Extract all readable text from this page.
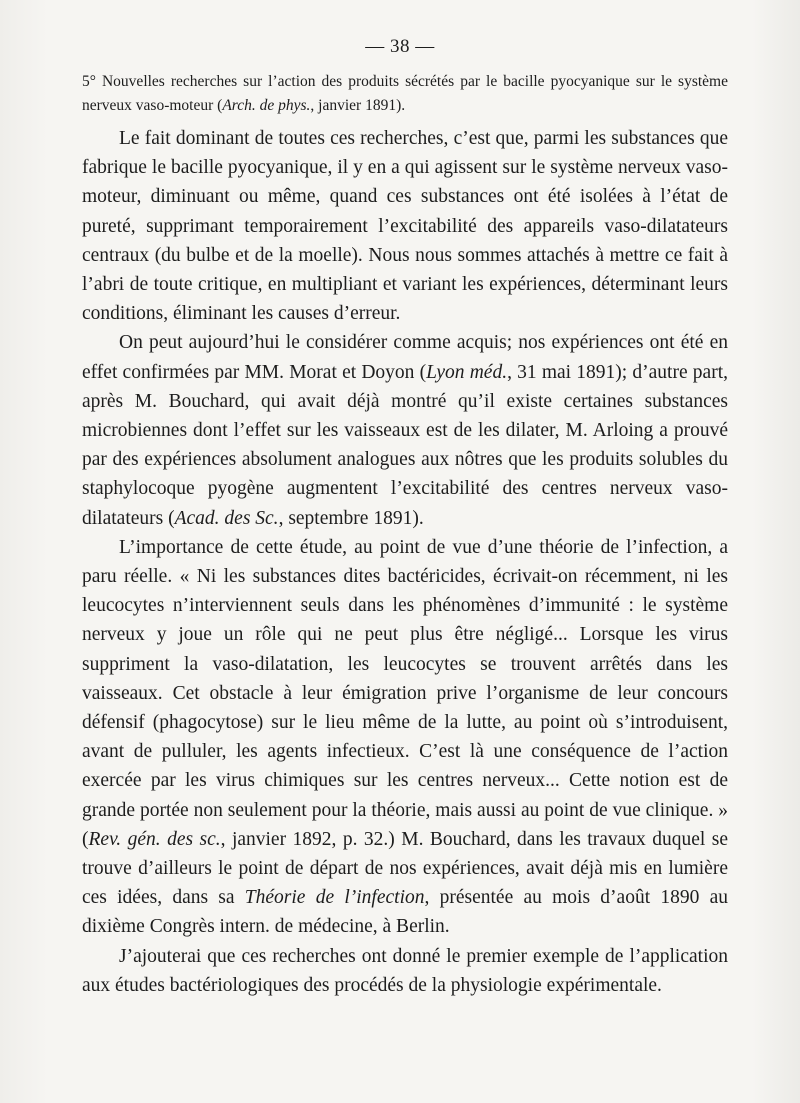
— 38 —
5° Nouvelles recherches sur l’action des produits sécrétés par le bacille pyocyanique sur le système nerveux vaso-moteur (Arch. de phys., janvier 1891).

Le fait dominant de toutes ces recherches, c’est que, parmi les substances que fabrique le bacille pyocyanique, il y en a qui agissent sur le système nerveux vaso-moteur, diminuant ou même, quand ces substances ont été isolées à l’état de pureté, supprimant temporairement l’excitabilité des appareils vaso-dilatateurs centraux (du bulbe et de la moelle). Nous nous sommes attachés à mettre ce fait à l’abri de toute critique, en multipliant et variant les expériences, déterminant leurs conditions, éliminant les causes d’erreur.

On peut aujourd’hui le considérer comme acquis; nos expériences ont été en effet confirmées par MM. Morat et Doyon (Lyon méd., 31 mai 1891); d’autre part, après M. Bouchard, qui avait déjà montré qu’il existe certaines substances microbiennes dont l’effet sur les vaisseaux est de les dilater, M. Arloing a prouvé par des expériences absolument analogues aux nôtres que les produits solubles du staphylocoque pyogène augmentent l’excitabilité des centres nerveux vaso-dilatateurs (Acad. des Sc., septembre 1891).

L’importance de cette étude, au point de vue d’une théorie de l’infection, a paru réelle. « Ni les substances dites bactéricides, écrivait-on récemment, ni les leucocytes n’interviennent seuls dans les phénomènes d’immunité : le système nerveux y joue un rôle qui ne peut plus être négligé... Lorsque les virus suppriment la vaso-dilatation, les leucocytes se trouvent arrêtés dans les vaisseaux. Cet obstacle à leur émigration prive l’organisme de leur concours défensif (phagocytose) sur le lieu même de la lutte, au point où s’introduisent, avant de pulluler, les agents infectieux. C’est là une conséquence de l’action exercée par les virus chimiques sur les centres nerveux... Cette notion est de grande portée non seulement pour la théorie, mais aussi au point de vue clinique. » (Rev. gén. des sc., janvier 1892, p. 32.) M. Bouchard, dans les travaux duquel se trouve d’ailleurs le point de départ de nos expériences, avait déjà mis en lumière ces idées, dans sa Théorie de l’infection, présentée au mois d’août 1890 au dixième Congrès intern. de médecine, à Berlin.

J’ajouterai que ces recherches ont donné le premier exemple de l’application aux études bactériologiques des procédés de la physiologie expérimentale.
